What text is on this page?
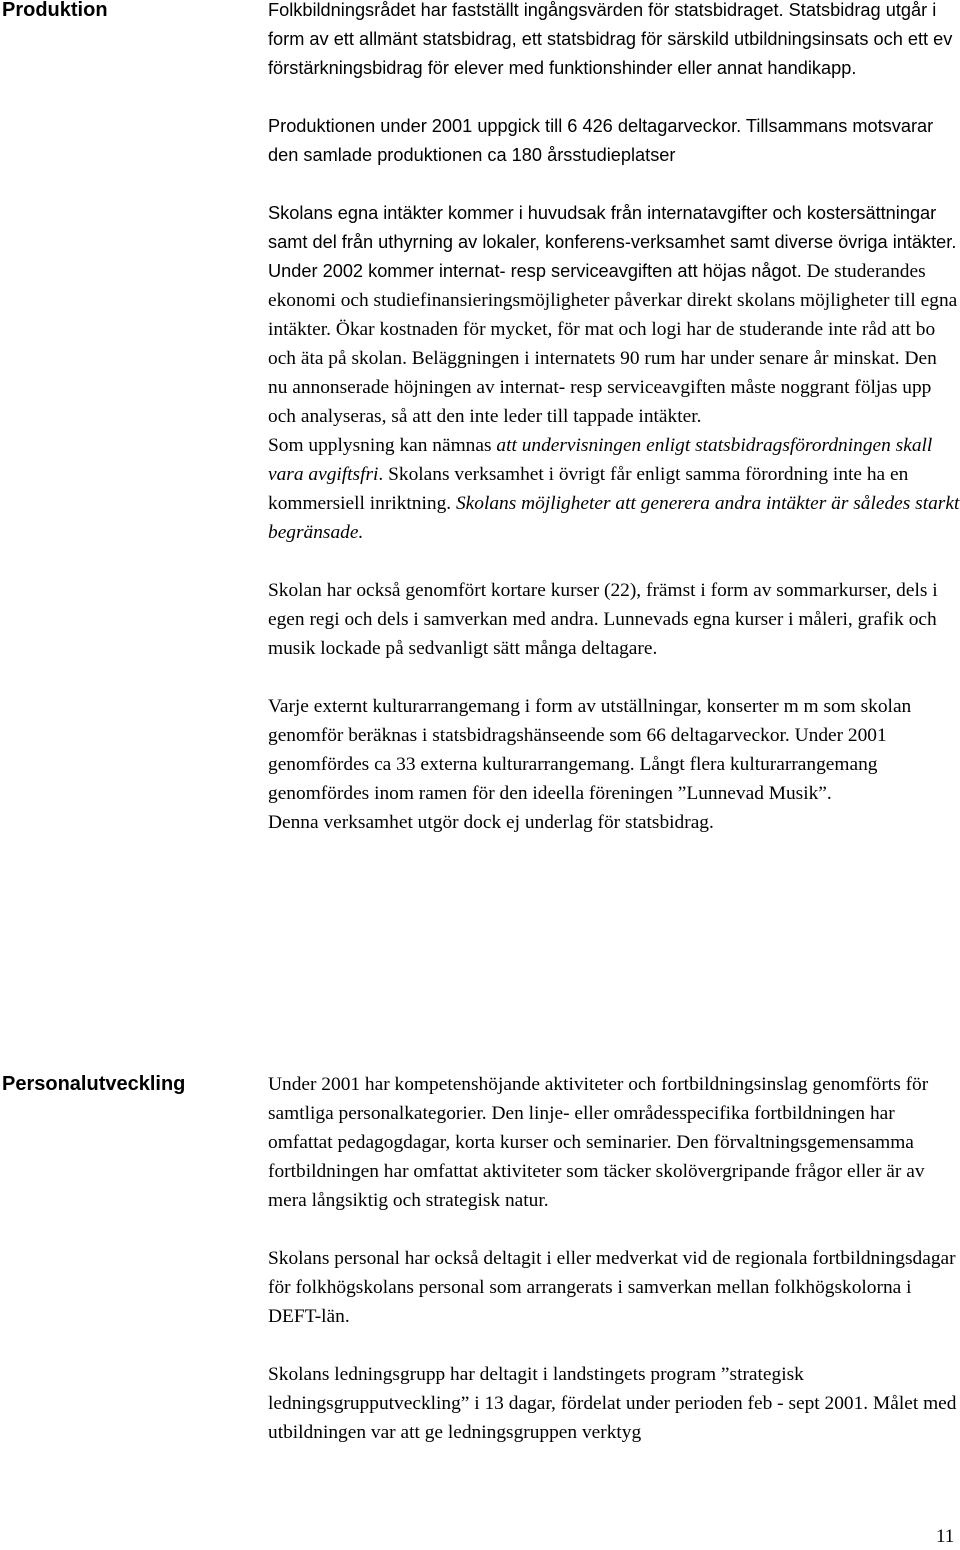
Produktion	Folkbildningsrådet har fastställt ingångsvärden för statsbidraget. Statsbidrag utgår i form av ett allmänt statsbidrag, ett statsbidrag för särskild utbildningsinsats och ett ev förstärkningsbidrag för elever med funktionshinder eller annat handikapp.

Produktionen under 2001 uppgick till 6 426 deltagarveckor. Tillsammans motsvarar den samlade produktionen ca 180 årsstudieplatser

Skolans egna intäkter kommer i huvudsak från internatavgifter och kostersättningar samt del från uthyrning av lokaler, konferens-verksamhet samt diverse övriga intäkter. Under 2002 kommer internat- resp serviceavgiften att höjas något. De studerandes ekonomi och studiefinansieringsmöjligheter påverkar direkt skolans möjligheter till egna intäkter. Ökar kostnaden för mycket, för mat och logi har de studerande inte råd att bo och äta på skolan. Beläggningen i internatets 90 rum har under senare år minskat. Den nu annonserade höjningen av internat- resp serviceavgiften måste noggrant följas upp och analyseras, så att den inte leder till tappade intäkter.

Som upplysning kan nämnas att undervisningen enligt statsbidragsförordningen skall vara avgiftsfri. Skolans verksamhet i övrigt får enligt samma förordning inte ha en kommersiell inriktning. Skolans möjligheter att generera andra intäkter är således starkt begränsade.

Skolan har också genomfört kortare kurser (22), främst i form av sommarkurser, dels i egen regi och dels i samverkan med andra. Lunnevads egna kurser i måleri, grafik och musik lockade på sedvanligt sätt många deltagare.

Varje externt kulturarrangemang i form av utställningar, konserter m m som skolan genomför beräknas i statsbidragshänseende som 66 deltagarveckor. Under 2001 genomfördes ca 33 externa kulturarrangemang. Långt flera kulturarrangemang genomfördes inom ramen för den ideella föreningen ”Lunnevad Musik”.

Denna verksamhet utgör dock ej underlag för statsbidrag.

Personalutveckling	Under 2001 har kompetenshöjande aktiviteter och fortbildningsinslag genomförts för samtliga personalkategorier. Den linje- eller områdesspecifika fortbildningen har omfattat pedagogdagar, korta kurser och seminarier. Den förvaltningsgemensamma fortbildningen har omfattat aktiviteter som täcker skolövergripande frågor eller är av mera långsiktig och strategisk natur.

Skolans personal har också deltagit i eller medverkat vid de regionala fortbildningsdagar för folkhögskolans personal som arrangerats i samverkan mellan folkhögskolorna i DEFT-län.

Skolans ledningsgrupp har deltagit i landstingets program ”strategisk ledningsgrupputveckling” i 13 dagar, fördelat under perioden feb - sept 2001. Målet med utbildningen var att ge ledningsgruppen verktyg

11
